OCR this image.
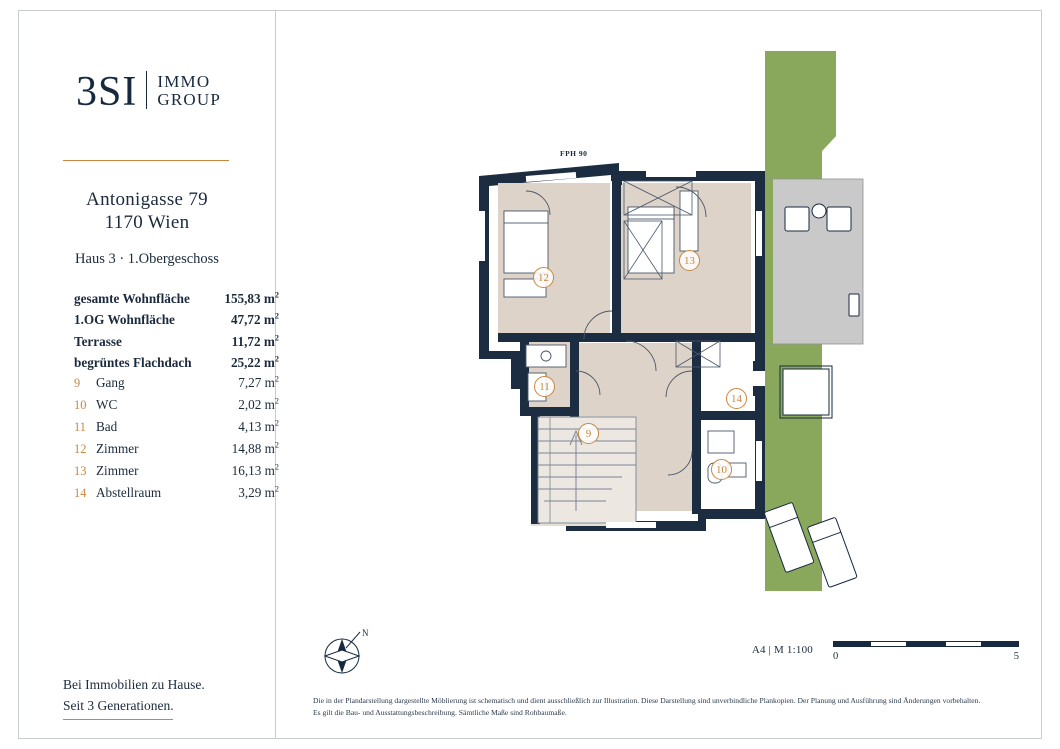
3SI IMMO
GROUP
Antonigasse 79
1170 Wien
Haus 3 · 1.Obergeschoss
gesamte Wohnfläche	155,83 $m^2$
1.OG Wohnfläche	47,72 $m^2$
Terrasse	11,72 $m^2$
begrüntes Flachdach	25,22 $m^2$
9	Gang	7,27 $m^2$
10 WC	2,02 $m^2$
11 Bad	4,13 $m^2$
12 Zimmer	14,88 $m^2$
13 Zimmer	16,13 $m^2$
14 Abstellraum	3,29 $m^2$
Bei Immobilien zu Hause.
Seit 3 Generationen.
FPH 90
9
10
11
12
13
14
N
A4 | M 1:100
0	5
Die in der Plandarstellung dargestellte Möblierung ist schematisch und dient ausschließlich zur Illustration. Diese Darstellung sind unverbindliche Plankopien. Der Planung und Ausführung sind Änderungen vorbehalten.
Es gilt die Bau- und Ausstattungsbeschreibung. Sämtliche Maße sind Rohbaumaße.
